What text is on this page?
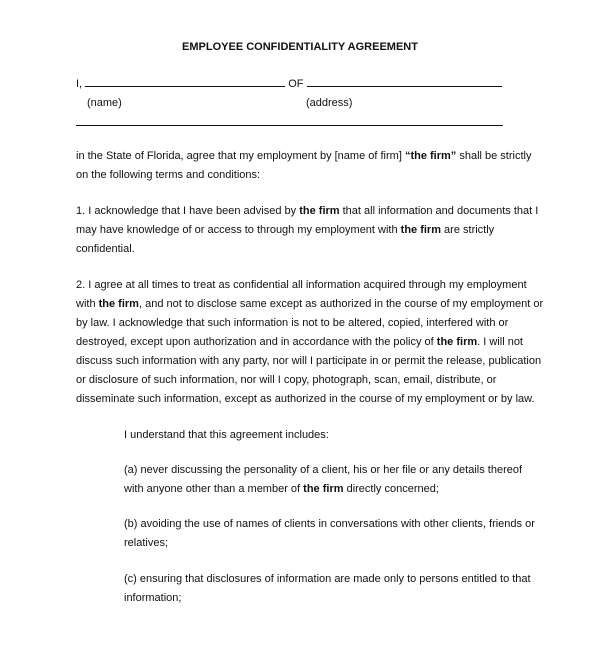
EMPLOYEE CONFIDENTIALITY AGREEMENT
I,	OF
(name)	(address)
in the State of Florida, agree that my employment by [name of firm] “the firm” shall be strictly
on the following terms and conditions:
1. I acknowledge that I have been advised by the firm that all information and documents that I
may have knowledge of or access to through my employment with the firm are strictly
confidential.
2. I agree at all times to treat as confidential all information acquired through my employment
with the firm, and not to disclose same except as authorized in the course of my employment or
by law. I acknowledge that such information is not to be altered, copied, interfered with or
destroyed, except upon authorization and in accordance with the policy of the firm. I will not
discuss such information with any party, nor will I participate in or permit the release, publication
or disclosure of such information, nor will I copy, photograph, scan, email, distribute, or
disseminate such information, except as authorized in the course of my employment or by law.
I understand that this agreement includes:
(a) never discussing the personality of a client, his or her file or any details thereof
with anyone other than a member of the firm directly concerned;
(b) avoiding the use of names of clients in conversations with other clients, friends or
relatives;
(c) ensuring that disclosures of information are made only to persons entitled to that
information;
